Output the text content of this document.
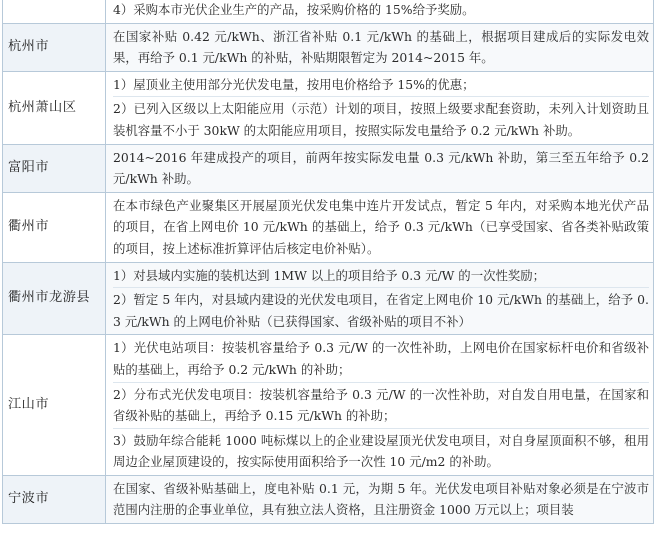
	4）采购本市光伏企业生产的产品，按采购价格的 15%给予奖励。

杭州市	在国家补贴 0.42 元/kWh、浙江省补贴 0.1 元/kWh 的基础上，根据项目建成后的实际发电效果，再给予 0.1 元/kWh 的补贴，补贴期限暂定为 2014~2015 年。

杭州萧山区	1）屋顶业主使用部分光伏发电量，按用电价格给予 15%的优惠；
2）已列入区级以上太阳能应用（示范）计划的项目，按照上级要求配套资助，未列入计划资助且装机容量不小于 30kW 的太阳能应用项目，按照实际发电量给予 0.2 元/kWh 补助。

富阳市	2014~2016 年建成投产的项目，前两年按实际发电量 0.3 元/kWh 补助，第三至五年给予 0.2 元/kWh 补助。

衢州市	在本市绿色产业聚集区开展屋顶光伏发电集中连片开发试点，暂定 5 年内，对采购本地光伏产品的项目，在省上网电价 10 元/kWh 的基础上，给予 0.3 元/kWh（已享受国家、省各类补贴政策的项目，按上述标准折算评估后核定电价补贴）。

衢州市龙游县	1）对县域内实施的装机达到 1MW 以上的项目给予 0.3 元/W 的一次性奖励；
2）暂定 5 年内，对县域内建设的光伏发电项目，在省定上网电价 10 元/kWh 的基础上，给予 0.3 元/kWh 的上网电价补贴（已获得国家、省级补贴的项目不补）

江山市	1）光伏电站项目：按装机容量给予 0.3 元/W 的一次性补助，上网电价在国家标杆电价和省级补贴的基础上，再给予 0.2 元/kWh 的补助；
2）分布式光伏发电项目：按装机容量给予 0.3 元/W 的一次性补助，对自发自用电量，在国家和省级补贴的基础上，再给予 0.15 元/kWh 的补助；
3）鼓励年综合能耗 1000 吨标煤以上的企业建设屋顶光伏发电项目，对自身屋顶面积不够，租用周边企业屋顶建设的，按实际使用面积给予一次性 10 元/m2 的补助。

宁波市	在国家、省级补贴基础上，度电补贴 0.1 元，为期 5 年。光伏发电项目补贴对象必须是在宁波市范围内注册的企事业单位，具有独立法人资格，且注册资金 1000 万元以上；项目装
